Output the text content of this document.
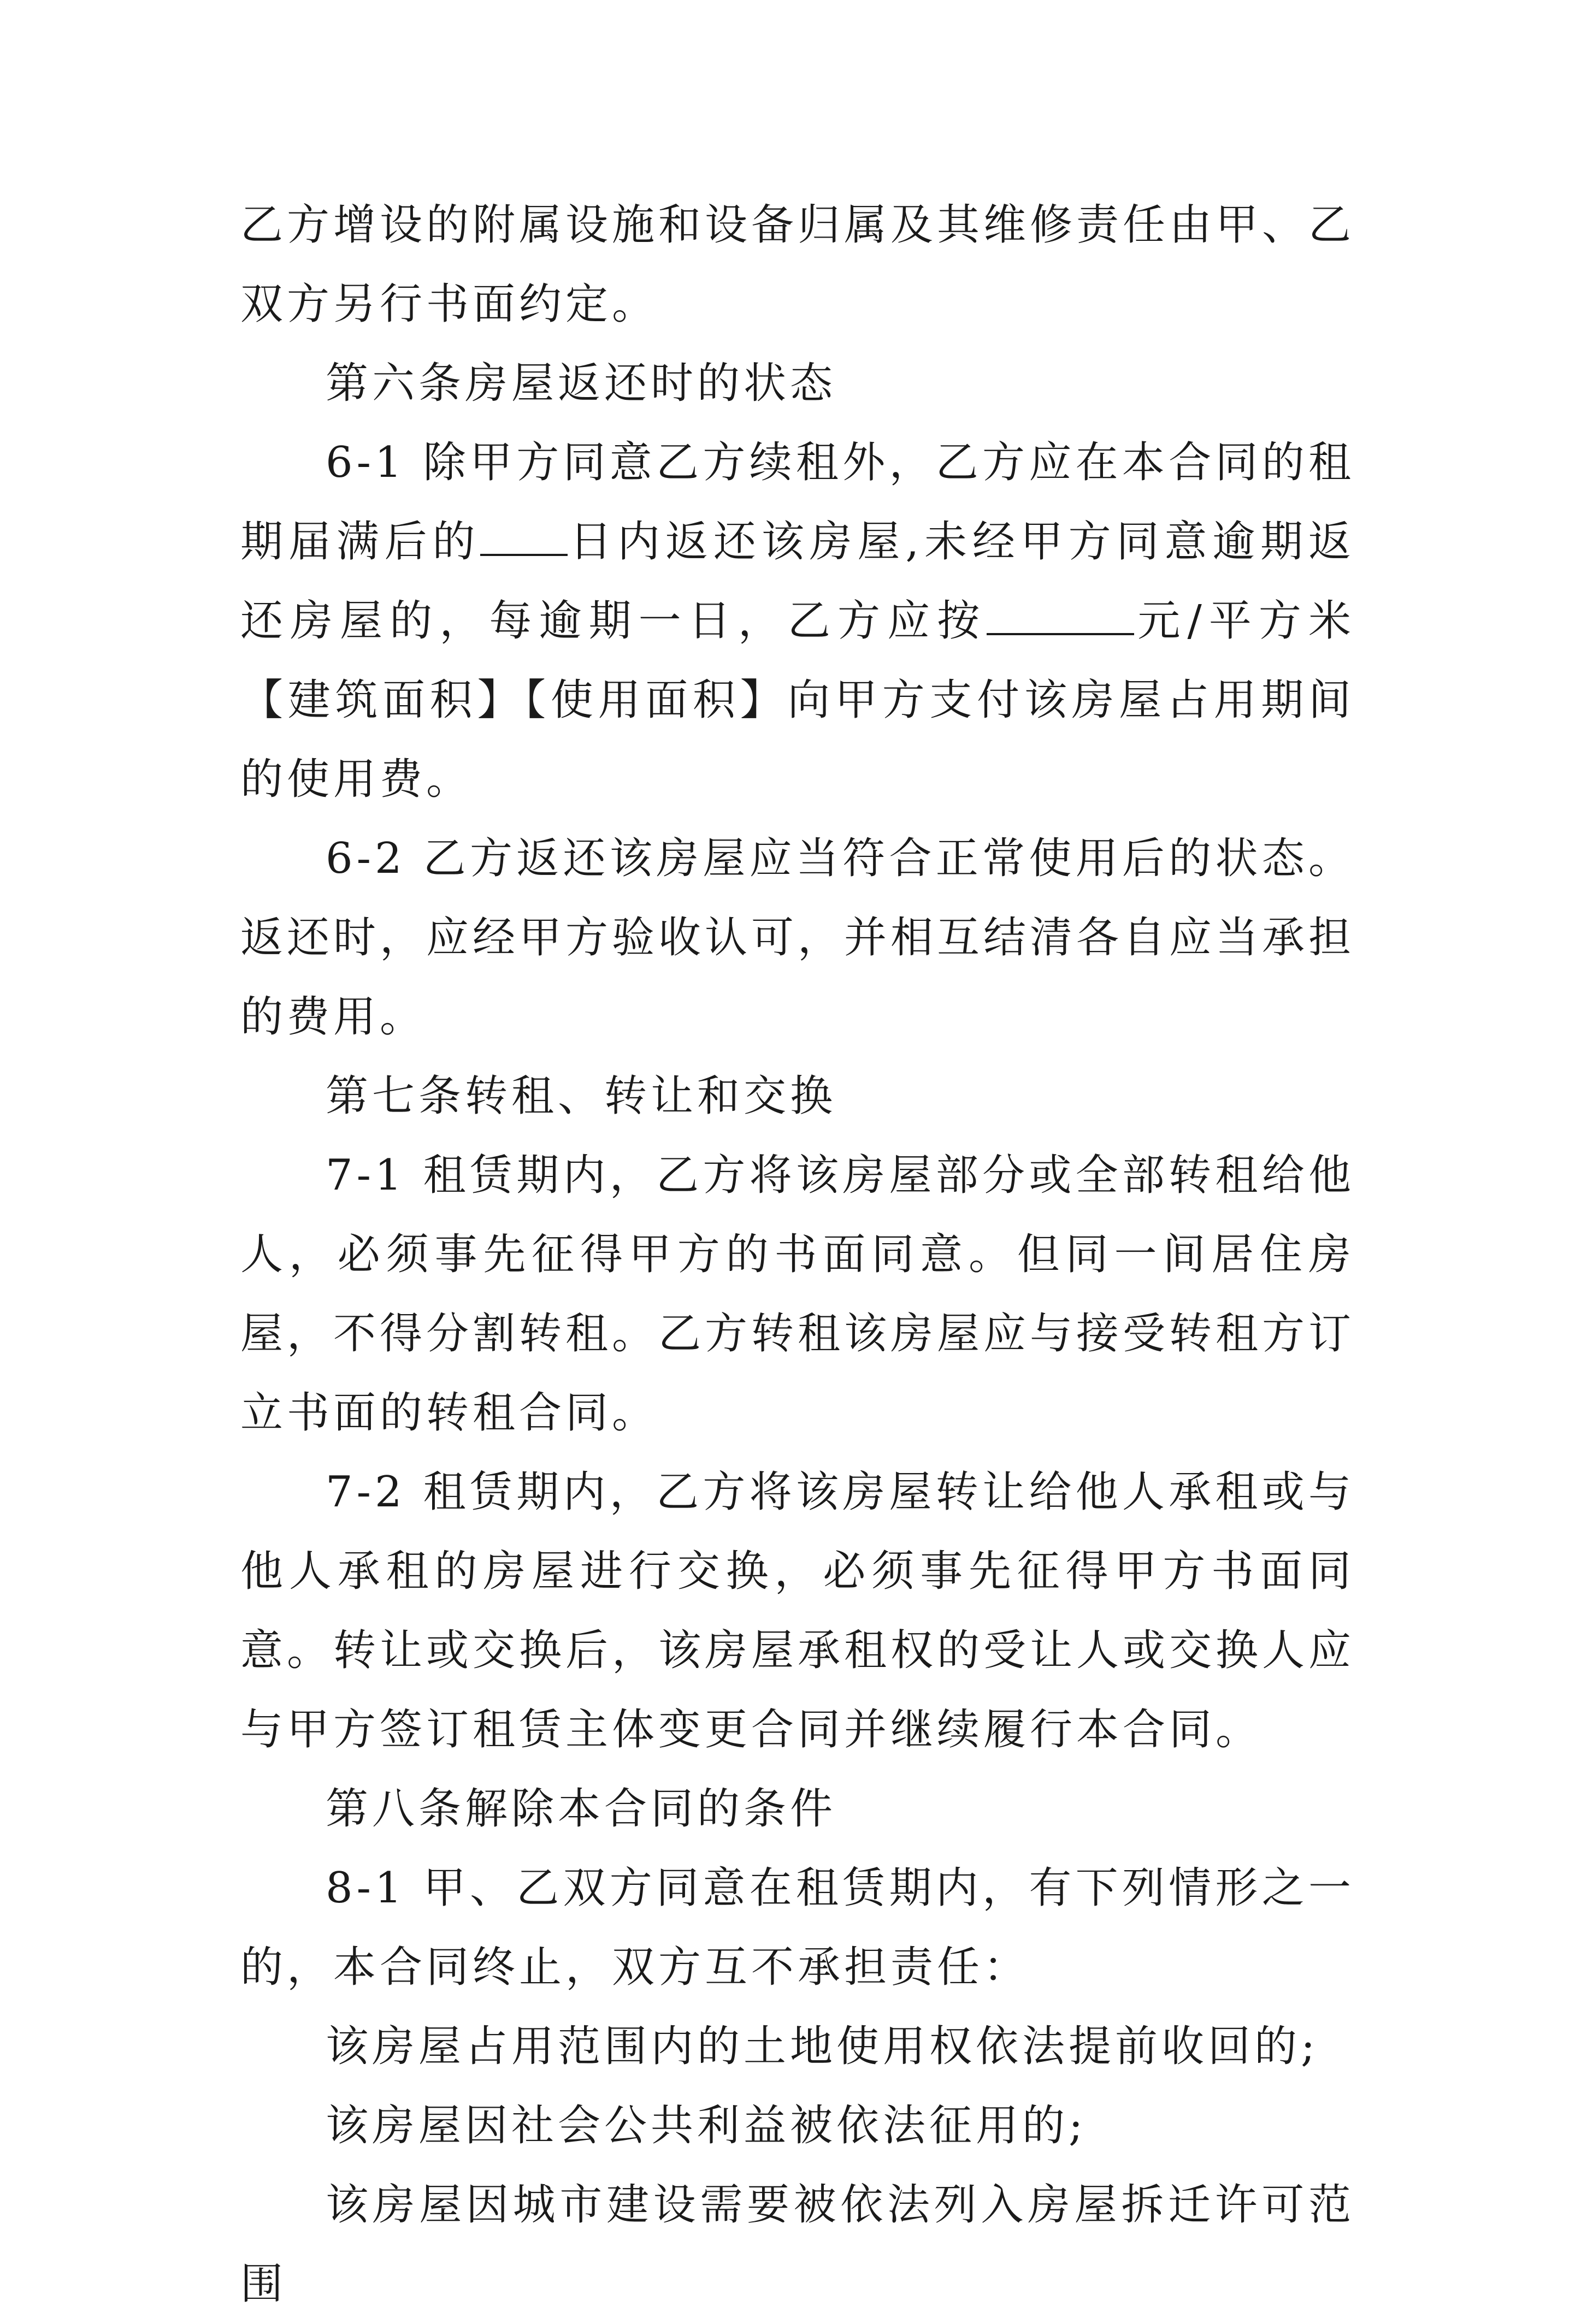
乙方增设的附属设施和设备归属及其维修责任由甲、乙双方另行书面约定。

第六条房屋返还时的状态

6-1 除甲方同意乙方续租外，乙方应在本合同的租期届满后的 日内返还该房屋,未经甲方同意逾期返还房屋的，每逾期一日，乙方应按	元/平方米【建筑面积】【使用面积】向甲方支付该房屋占用期间的使用费。

6-2 乙方返还该房屋应当符合正常使用后的状态。返还时，应经甲方验收认可，并相互结清各自应当承担的费用。

第七条转租、转让和交换

7-1 租赁期内，乙方将该房屋部分或全部转租给他人，必须事先征得甲方的书面同意。但同一间居住房屋，不得分割转租。乙方转租该房屋应与接受转租方订立书面的转租合同。

7-2 租赁期内，乙方将该房屋转让给他人承租或与他人承租的房屋进行交换，必须事先征得甲方书面同意。转让或交换后，该房屋承租权的受让人或交换人应与甲方签订租赁主体变更合同并继续履行本合同。

第八条解除本合同的条件

8-1 甲、乙双方同意在租赁期内，有下列情形之一的，本合同终止，双方互不承担责任：

该房屋占用范围内的土地使用权依法提前收回的;

该房屋因社会公共利益被依法征用的;

该房屋因城市建设需要被依法列入房屋拆迁许可范围
